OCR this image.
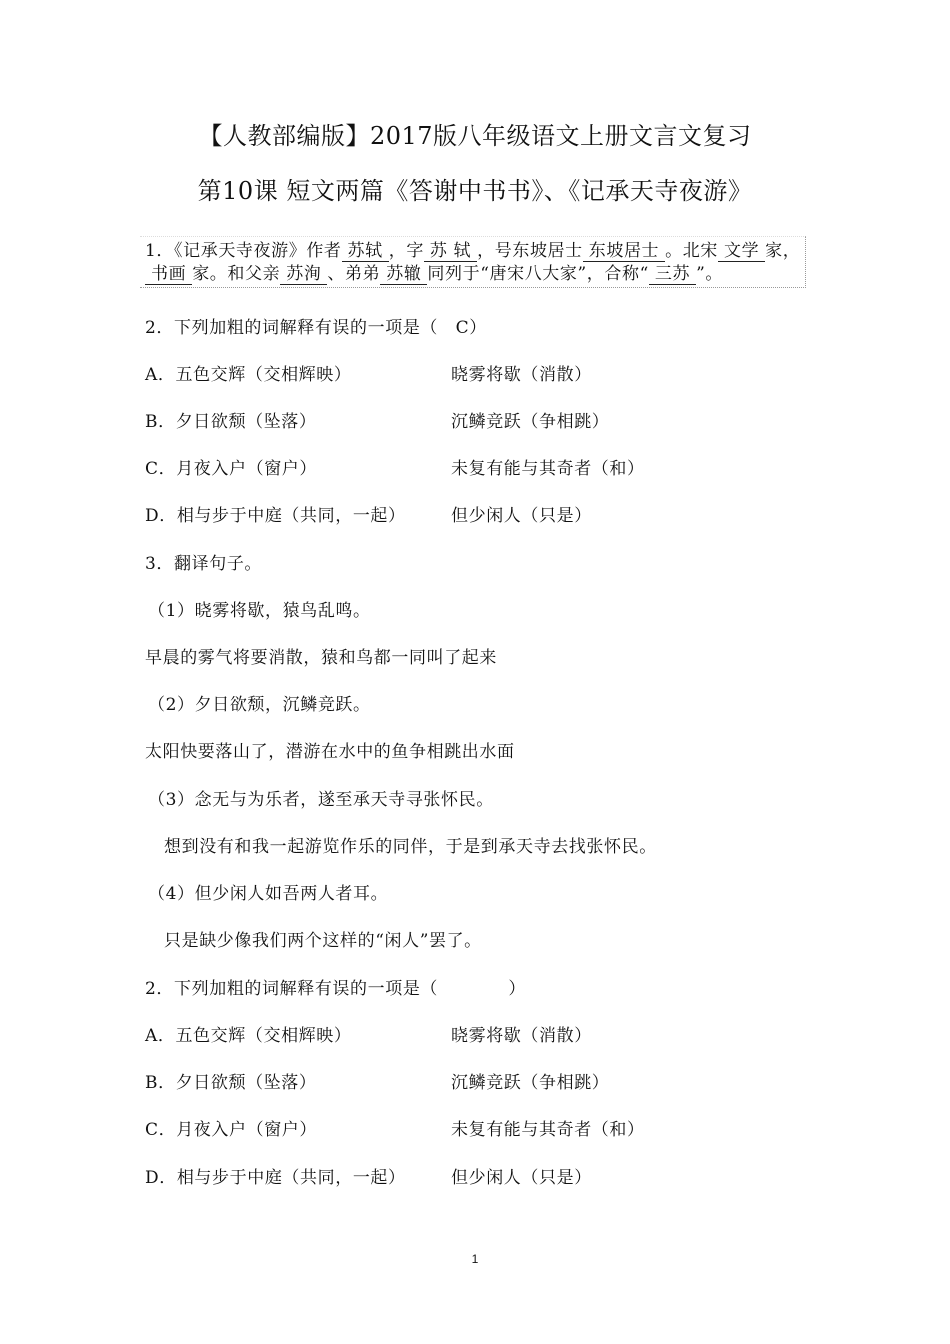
【人教部编版】2017版八年级语文上册文言文复习
第10课 短文两篇《答谢中书书》、《记承天寺夜游》
1．《记承天寺夜游》作者 苏轼 ，字 苏 轼 ，号东坡居士 东坡居士 。北宋 文学 家，书画 家。和父亲 苏洵 、弟弟 苏辙 同列于“唐宋八大家”，合称“ 三苏 ”。
2．下列加粗的词解释有误的一项是（　C）
A．五色交辉（交相辉映）	晓雾将歇（消散）
B．夕日欲颓（坠落）	沉鳞竞跃（争相跳）
C．月夜入户（窗户）	未复有能与其奇者（和）
D．相与步于中庭（共同，一起）	但少闲人（只是）
3．翻译句子。
（1）晓雾将歇，猿鸟乱鸣。
早晨的雾气将要消散，猿和鸟都一同叫了起来
（2）夕日欲颓，沉鳞竞跃。
太阳快要落山了，潜游在水中的鱼争相跳出水面
（3）念无与为乐者，遂至承天寺寻张怀民。
想到没有和我一起游览作乐的同伴，于是到承天寺去找张怀民。
（4）但少闲人如吾两人者耳。
只是缺少像我们两个这样的“闲人”罢了。
2．下列加粗的词解释有误的一项是（　　　　）
A．五色交辉（交相辉映）	晓雾将歇（消散）
B．夕日欲颓（坠落）	沉鳞竞跃（争相跳）
C．月夜入户（窗户）	未复有能与其奇者（和）
D．相与步于中庭（共同，一起）	但少闲人（只是）
1
